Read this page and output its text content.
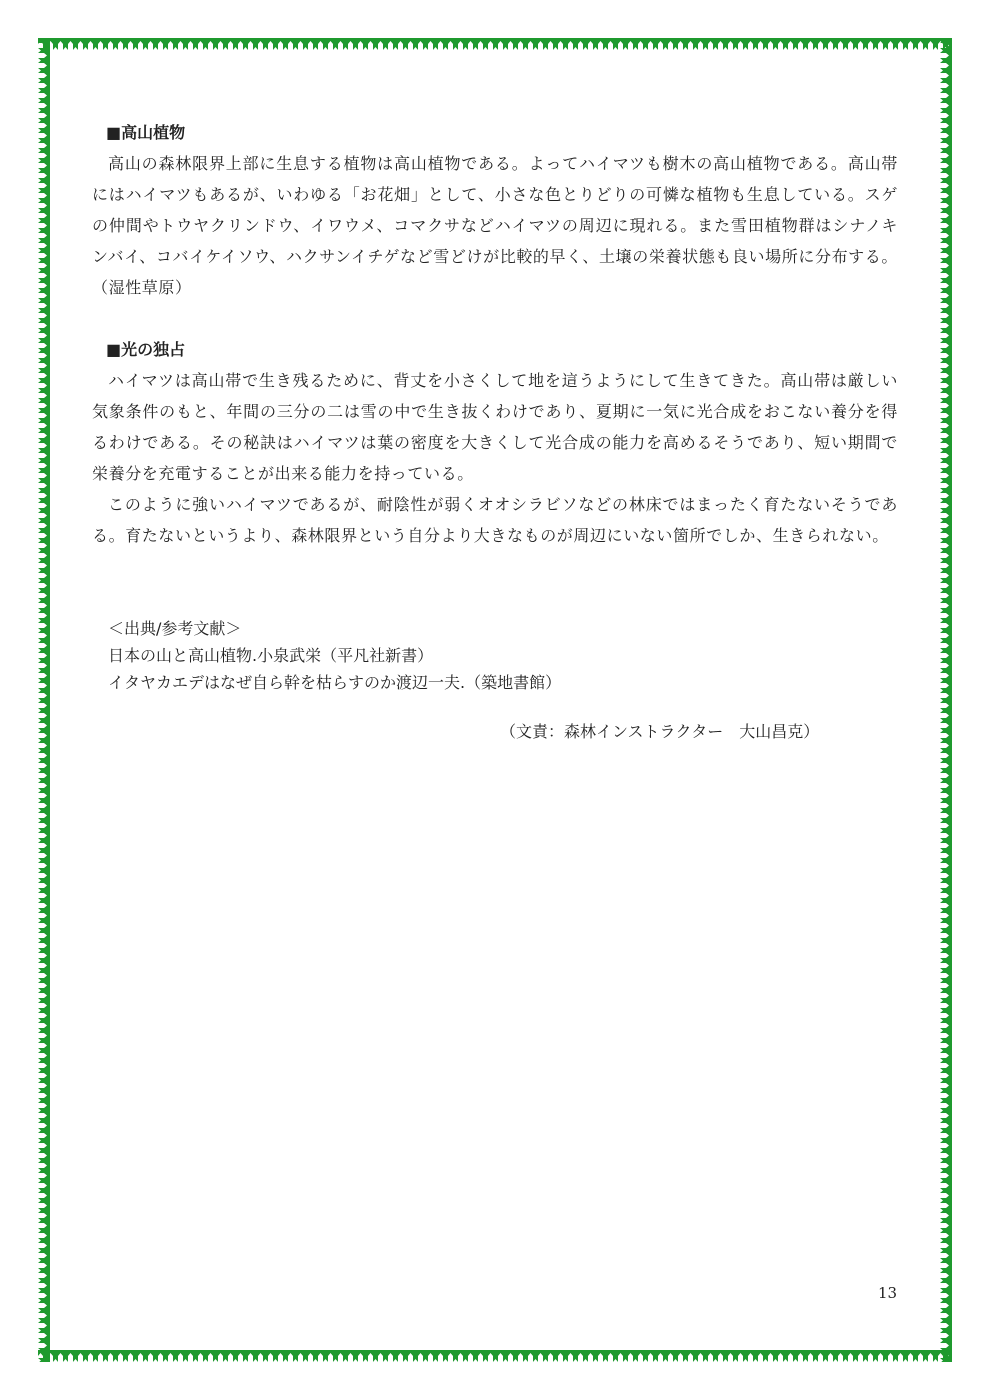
■高山植物

高山の森林限界上部に生息する植物は高山植物である。よってハイマツも樹木の高山植物である。高山帯にはハイマツもあるが、いわゆる「お花畑」として、小さな色とりどりの可憐な植物も生息している。スゲの仲間やトウヤクリンドウ、イワウメ、コマクサなどハイマツの周辺に現れる。また雪田植物群はシナノキンバイ、コバイケイソウ、ハクサンイチゲなど雪どけが比較的早く、土壌の栄養状態も良い場所に分布する。（湿性草原）

■光の独占

ハイマツは高山帯で生き残るために、背丈を小さくして地を這うようにして生きてきた。高山帯は厳しい気象条件のもと、年間の三分の二は雪の中で生き抜くわけであり、夏期に一気に光合成をおこない養分を得るわけである。その秘訣はハイマツは葉の密度を大きくして光合成の能力を高めるそうであり、短い期間で栄養分を充電することが出来る能力を持っている。

このように強いハイマツであるが、耐陰性が弱くオオシラビソなどの林床ではまったく育たないそうである。育たないというより、森林限界という自分より大きなものが周辺にいない箇所でしか、生きられない。

＜出典/参考文献＞
日本の山と高山植物.小泉武栄（平凡社新書）
イタヤカエデはなぜ自ら幹を枯らすのか渡辺一夫.（築地書館）
（文責：森林インストラクター　大山昌克）
13
